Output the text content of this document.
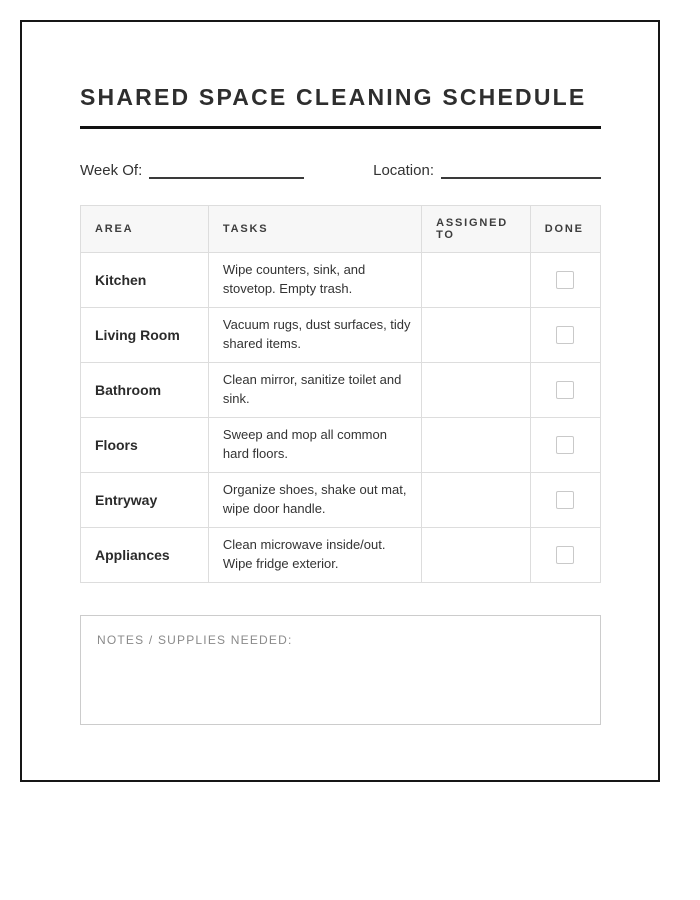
SHARED SPACE CLEANING SCHEDULE
Week Of:	Location:
AREA	TASKS	ASSIGNED TO	DONE
Kitchen	Wipe counters, sink, and stovetop. Empty trash.		
Living Room	Vacuum rugs, dust surfaces, tidy shared items.		
Bathroom	Clean mirror, sanitize toilet and sink.		
Floors	Sweep and mop all common hard floors.		
Entryway	Organize shoes, shake out mat, wipe door handle.		
Appliances	Clean microwave inside/out. Wipe fridge exterior.		
NOTES / SUPPLIES NEEDED:
